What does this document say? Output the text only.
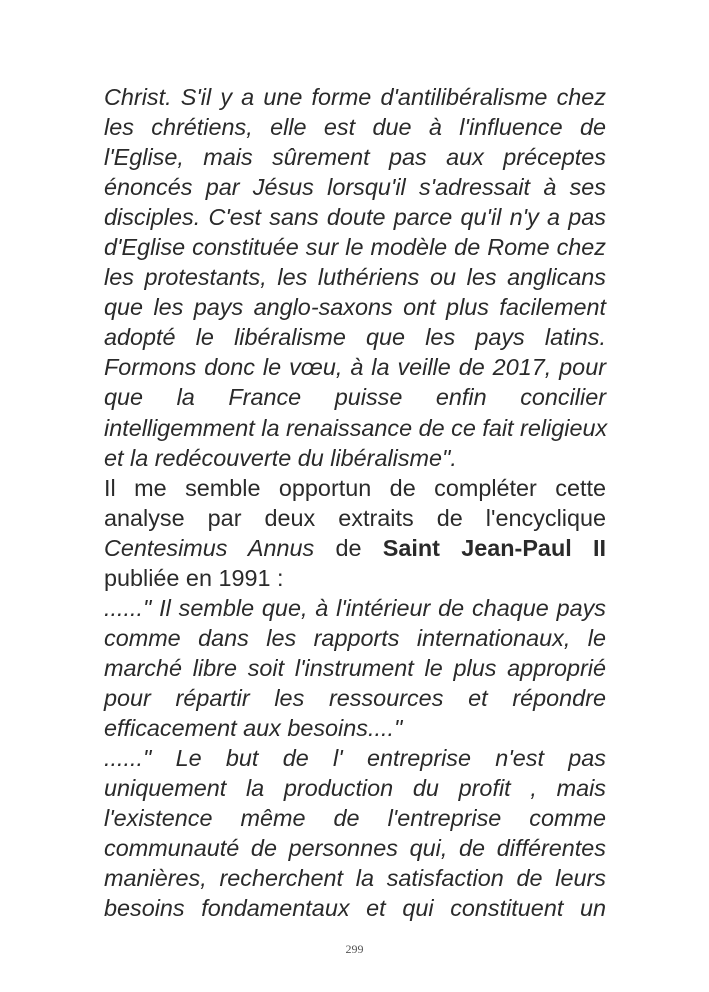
Christ. S'il y a une forme d'antilibéralisme chez
les chrétiens, elle est due à l'influence de
l'Eglise, mais sûrement pas aux préceptes
énoncés par Jésus lorsqu'il s'adressait à ses
disciples. C'est sans doute parce qu'il n'y a pas
d'Eglise constituée sur le modèle de Rome chez
les protestants, les luthériens ou les anglicans
que les pays anglo-saxons ont plus facilement
adopté le libéralisme que les pays latins.
Formons donc le vœu, à la veille de 2017, pour
que la France puisse enfin concilier
intelligemment la renaissance de ce fait religieux
et la redécouverte du libéralisme".
Il me semble opportun de compléter cette
analyse par deux extraits de l'encyclique
Centesimus Annus de Saint Jean-Paul II
publiée en 1991 :
......" Il semble que, à l'intérieur de chaque pays
comme dans les rapports internationaux, le
marché libre soit l'instrument le plus approprié
pour répartir les ressources et répondre
efficacement aux besoins...."
......" Le but de l' entreprise n'est pas
uniquement la production du profit , mais
l'existence même de l'entreprise comme
communauté de personnes qui, de différentes
manières, recherchent la satisfaction de leurs
besoins fondamentaux et qui constituent un
299
